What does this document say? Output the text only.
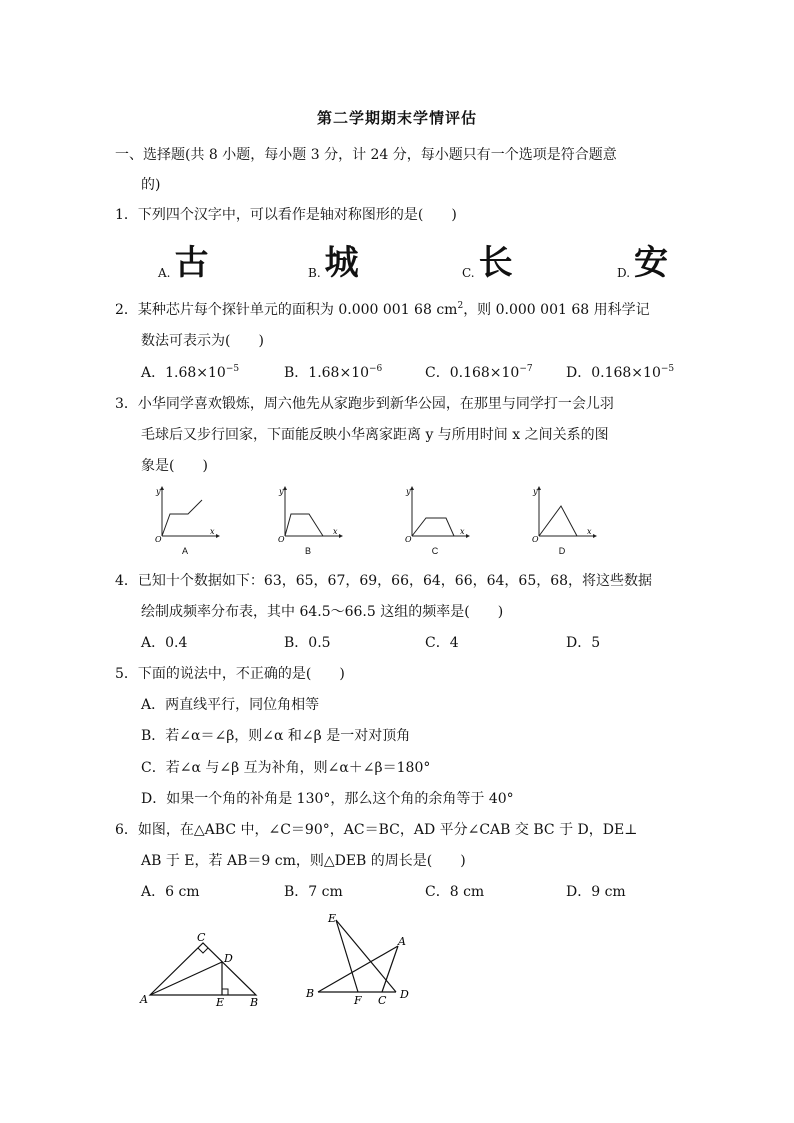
第二学期期末学情评估
一、选择题(共 8 小题，每小题 3 分，计 24 分，每小题只有一个选项是符合题意
的)
1．下列四个汉字中，可以看作是轴对称图形的是(　　)
A. 古	B. 城	C. 长	D. 安
2．某种芯片每个探针单元的面积为 0.000 001 68 $cm^2$，则 0.000 001 68 用科学记
数法可表示为(　　)
A．$1.68\times 10^{-5}$	B．$1.68\times 10^{-6}$	C．$0.168\times 10^{-7}$ D．$0.168\times 10^{-5}$
3．小华同学喜欢锻炼，周六他先从家跑步到新华公园，在那里与同学打一会儿羽
毛球后又步行回家，下面能反映小华离家距离 y 与所用时间 x 之间关系的图
象是(　　)
y
x
O
A
y
x
O
B
y
x
O
C
y
x
O
D
4．已知十个数据如下：63，65，67，69，66，64，66，64，65，68，将这些数据
绘制成频率分布表，其中 64.5～66.5 这组的频率是(　　)
A．0.4	B．0.5	C．4	D．5
5．下面的说法中，不正确的是(　　)
A．两直线平行，同位角相等
B．若∠α＝∠β，则∠α 和∠β 是一对对顶角
C．若∠α 与∠β 互为补角，则∠α＋∠β＝180°
D．如果一个角的补角是 130°，那么这个角的余角等于 40°
6．如图，在△ABC 中，∠C＝90°，AC＝BC，AD 平分∠CAB 交 BC 于 D，DE⊥
AB 于 E，若 AB＝9 cm，则△DEB 的周长是(　　)
A．6 cm	B．7 cm	C．8 cm	D．9 cm
C
D
A	E B
E
A
B
F C D
